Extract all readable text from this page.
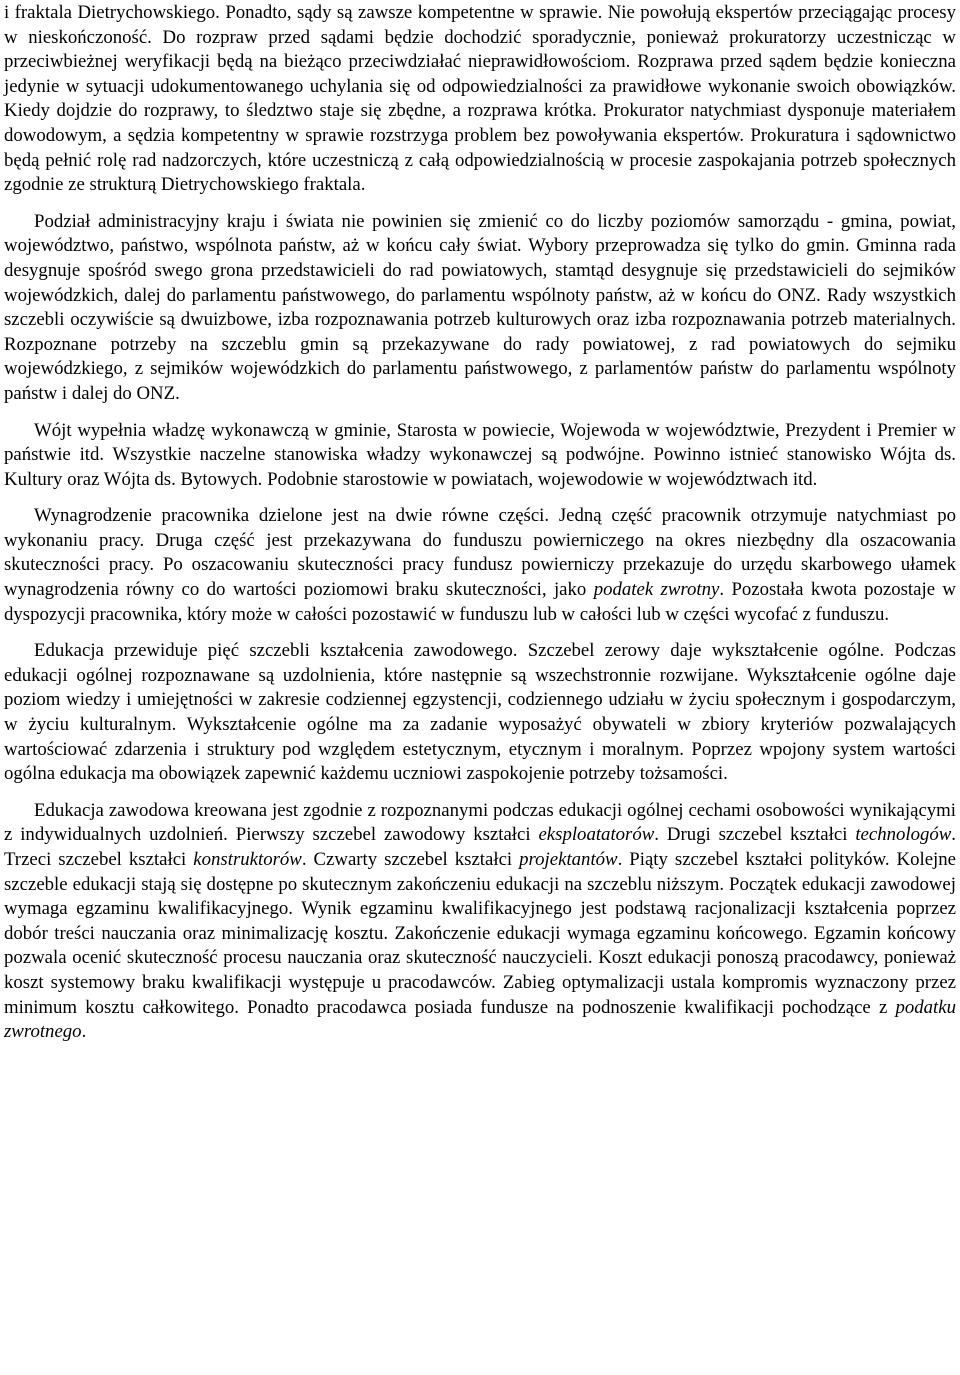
i fraktala Dietrychowskiego. Ponadto, sądy są zawsze kompetentne w sprawie. Nie powołują ekspertów przeciągając procesy w nieskończoność. Do rozpraw przed sądami będzie dochodzić sporadycznie, ponieważ prokuratorzy uczestnicząc w przeciwbieżnej weryfikacji będą na bieżąco przeciwdziałać nieprawidłowościom. Rozprawa przed sądem będzie konieczna jedynie w sytuacji udokumentowanego uchylania się od odpowiedzialności za prawidłowe wykonanie swoich obowiązków. Kiedy dojdzie do rozprawy, to śledztwo staje się zbędne, a rozprawa krótka. Prokurator natychmiast dysponuje materiałem dowodowym, a sędzia kompetentny w sprawie rozstrzyga problem bez powoływania ekspertów. Prokuratura i sądownictwo będą pełnić rolę rad nadzorczych, które uczestniczą z całą odpowiedzialnością w procesie zaspokajania potrzeb społecznych zgodnie ze strukturą Dietrychowskiego fraktala.

Podział administracyjny kraju i świata nie powinien się zmienić co do liczby poziomów samorządu - gmina, powiat, województwo, państwo, wspólnota państw, aż w końcu cały świat. Wybory przeprowadza się tylko do gmin. Gminna rada desygnuje spośród swego grona przedstawicieli do rad powiatowych, stamtąd desygnuje się przedstawicieli do sejmików wojewódzkich, dalej do parlamentu państwowego, do parlamentu wspólnoty państw, aż w końcu do ONZ. Rady wszystkich szczebli oczywiście są dwuizbowe, izba rozpoznawania potrzeb kulturowych oraz izba rozpoznawania potrzeb materialnych. Rozpoznane potrzeby na szczeblu gmin są przekazywane do rady powiatowej, z rad powiatowych do sejmiku wojewódzkiego, z sejmików wojewódzkich do parlamentu państwowego, z parlamentów państw do parlamentu wspólnoty państw i dalej do ONZ.

Wójt wypełnia władzę wykonawczą w gminie, Starosta w powiecie, Wojewoda w województwie, Prezydent i Premier w państwie itd. Wszystkie naczelne stanowiska władzy wykonawczej są podwójne. Powinno istnieć stanowisko Wójta ds. Kultury oraz Wójta ds. Bytowych. Podobnie starostowie w powiatach, wojewodowie w województwach itd.

Wynagrodzenie pracownika dzielone jest na dwie równe części. Jedną część pracownik otrzymuje natychmiast po wykonaniu pracy. Druga część jest przekazywana do funduszu powierniczego na okres niezbędny dla oszacowania skuteczności pracy. Po oszacowaniu skuteczności pracy fundusz powierniczy przekazuje do urzędu skarbowego ułamek wynagrodzenia równy co do wartości poziomowi braku skuteczności, jako podatek zwrotny. Pozostała kwota pozostaje w dyspozycji pracownika, który może w całości pozostawić w funduszu lub w całości lub w części wycofać z funduszu.

Edukacja przewiduje pięć szczebli kształcenia zawodowego. Szczebel zerowy daje wykształcenie ogólne. Podczas edukacji ogólnej rozpoznawane są uzdolnienia, które następnie są wszechstronnie rozwijane. Wykształcenie ogólne daje poziom wiedzy i umiejętności w zakresie codziennej egzystencji, codziennego udziału w życiu społecznym i gospodarczym, w życiu kulturalnym. Wykształcenie ogólne ma za zadanie wyposażyć obywateli w zbiory kryteriów pozwalających wartościować zdarzenia i struktury pod względem estetycznym, etycznym i moralnym. Poprzez wpojony system wartości ogólna edukacja ma obowiązek zapewnić każdemu uczniowi zaspokojenie potrzeby tożsamości.

Edukacja zawodowa kreowana jest zgodnie z rozpoznanymi podczas edukacji ogólnej cechami osobowości wynikającymi z indywidualnych uzdolnień. Pierwszy szczebel zawodowy kształci eksploatatorów. Drugi szczebel kształci technologów. Trzeci szczebel kształci konstruktorów. Czwarty szczebel kształci projektantów. Piąty szczebel kształci polityków. Kolejne szczeble edukacji stają się dostępne po skutecznym zakończeniu edukacji na szczeblu niższym. Początek edukacji zawodowej wymaga egzaminu kwalifikacyjnego. Wynik egzaminu kwalifikacyjnego jest podstawą racjonalizacji kształcenia poprzez dobór treści nauczania oraz minimalizację kosztu. Zakończenie edukacji wymaga egzaminu końcowego. Egzamin końcowy pozwala ocenić skuteczność procesu nauczania oraz skuteczność nauczycieli. Koszt edukacji ponoszą pracodawcy, ponieważ koszt systemowy braku kwalifikacji występuje u pracodawców. Zabieg optymalizacji ustala kompromis wyznaczony przez minimum kosztu całkowitego. Ponadto pracodawca posiada fundusze na podnoszenie kwalifikacji pochodzące z podatku zwrotnego.
